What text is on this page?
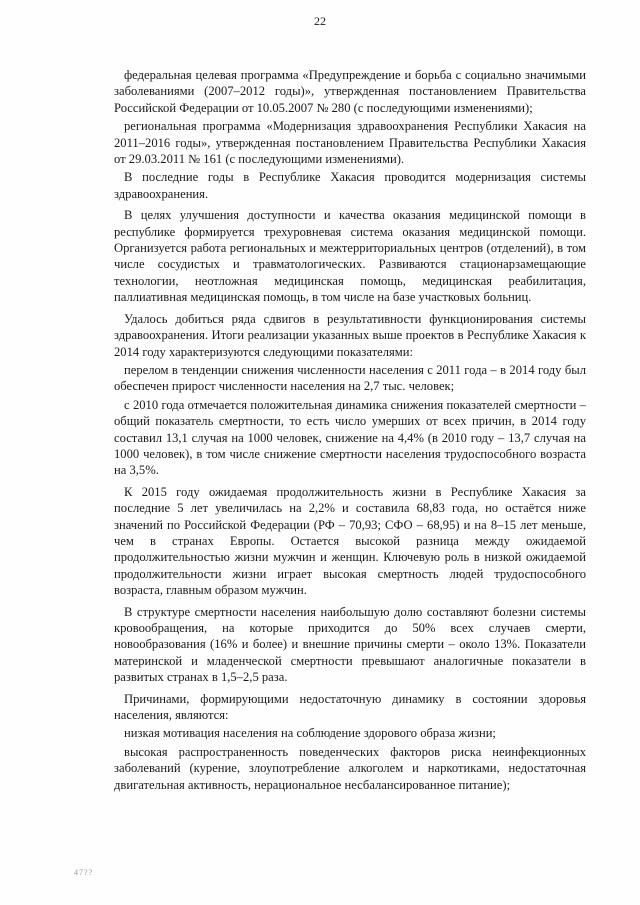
22

федеральная целевая программа «Предупреждение и борьба с социально значимыми заболеваниями (2007–2012 годы)», утвержденная постановлением Правительства Российской Федерации от 10.05.2007 № 280 (с последующими изменениями);

региональная программа «Модернизация здравоохранения Республики Хакасия на 2011–2016 годы», утвержденная постановлением Правительства Республики Хакасия от 29.03.2011 № 161 (с последующими изменениями).

В последние годы в Республике Хакасия проводится модернизация системы здравоохранения.

В целях улучшения доступности и качества оказания медицинской помощи в республике формируется трехуровневая система оказания медицинской помощи. Организуется работа региональных и межтерриториальных центров (отделений), в том числе сосудистых и травматологических. Развиваются стационарзамещающие технологии, неотложная медицинская помощь, медицинская реабилитация, паллиативная медицинская помощь, в том числе на базе участковых больниц.

Удалось добиться ряда сдвигов в результативности функционирования системы здравоохранения. Итоги реализации указанных выше проектов в Республике Хакасия к 2014 году характеризуются следующими показателями:

перелом в тенденции снижения численности населения с 2011 года – в 2014 году был обеспечен прирост численности населения на 2,7 тыс. человек;

с 2010 года отмечается положительная динамика снижения показателей смертности – общий показатель смертности, то есть число умерших от всех причин, в 2014 году составил 13,1 случая на 1000 человек, снижение на 4,4% (в 2010 году – 13,7 случая на 1000 человек), в том числе снижение смертности населения трудоспособного возраста на 3,5%.

К 2015 году ожидаемая продолжительность жизни в Республике Хакасия за последние 5 лет увеличилась на 2,2% и составила 68,83 года, но остаётся ниже значений по Российской Федерации (РФ – 70,93; СФО – 68,95) и на 8–15 лет меньше, чем в странах Европы. Остается высокой разница между ожидаемой продолжительностью жизни мужчин и женщин. Ключевую роль в низкой ожидаемой продолжительности жизни играет высокая смертность людей трудоспособного возраста, главным образом мужчин.

В структуре смертности населения наибольшую долю составляют болезни системы кровообращения, на которые приходится до 50% всех случаев смерти, новообразования (16% и более) и внешние причины смерти – около 13%. Показатели материнской и младенческой смертности превышают аналогичные показатели в развитых странах в 1,5–2,5 раза.

Причинами, формирующими недостаточную динамику в состоянии здоровья населения, являются:

низкая мотивация населения на соблюдение здорового образа жизни;

высокая распространенность поведенческих факторов риска неинфекционных заболеваний (курение, злоупотребление алкоголем и наркотиками, недостаточная двигательная активность, нерациональное несбалансированное питание);

47??
